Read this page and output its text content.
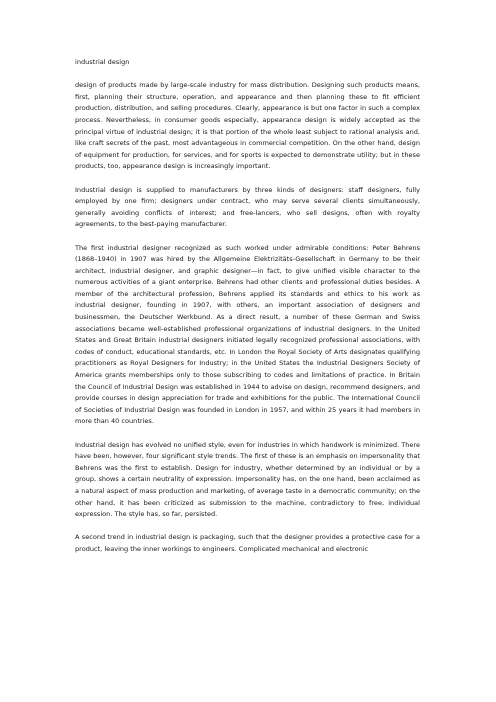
industrial design

design of products made by large-scale industry for mass distribution. Designing such products means, first, planning their structure, operation, and appearance and then planning these to fit efficient production, distribution, and selling procedures. Clearly, appearance is but one factor in such a complex process. Nevertheless, in consumer goods especially, appearance design is widely accepted as the principal virtue of industrial design; it is that portion of the whole least subject to rational analysis and, like craft secrets of the past, most advantageous in commercial competition. On the other hand, design of equipment for production, for services, and for sports is expected to demonstrate utility; but in these products, too, appearance design is increasingly important.

Industrial design is supplied to manufacturers by three kinds of designers: staff designers, fully employed by one firm; designers under contract, who may serve several clients simultaneously, generally avoiding conflicts of interest; and free-lancers, who sell designs, often with royalty agreements, to the best-paying manufacturer.

The first industrial designer recognized as such worked under admirable conditions: Peter Behrens (1868–1940) in 1907 was hired by the Allgemeine Elektrizitäts-Gesellschaft in Germany to be their architect, industrial designer, and graphic designer—in fact, to give unified visible character to the numerous activities of a giant enterprise. Behrens had other clients and professional duties besides. A member of the architectural profession, Behrens applied its standards and ethics to his work as industrial designer, founding in 1907, with others, an important association of designers and businessmen, the Deutscher Werkbund. As a direct result, a number of these German and Swiss associations became well-established professional organizations of industrial designers. In the United States and Great Britain industrial designers initiated legally recognized professional associations, with codes of conduct, educational standards, etc. In London the Royal Society of Arts designates qualifying practitioners as Royal Designers for Industry; in the United States the Industrial Designers Society of America grants memberships only to those subscribing to codes and limitations of practice. In Britain the Council of Industrial Design was established in 1944 to advise on design, recommend designers, and provide courses in design appreciation for trade and exhibitions for the public. The International Council of Societies of Industrial Design was founded in London in 1957, and within 25 years it had members in more than 40 countries.

Industrial design has evolved no unified style, even for industries in which handwork is minimized. There have been, however, four significant style trends. The first of these is an emphasis on impersonality that Behrens was the first to establish. Design for industry, whether determined by an individual or by a group, shows a certain neutrality of expression. Impersonality has, on the one hand, been acclaimed as a natural aspect of mass production and marketing, of average taste in a democratic community; on the other hand, it has been criticized as submission to the machine, contradictory to free, individual expression. The style has, so far, persisted.

A second trend in industrial design is packaging, such that the designer provides a protective case for a product, leaving the inner workings to engineers. Complicated mechanical and electronic
